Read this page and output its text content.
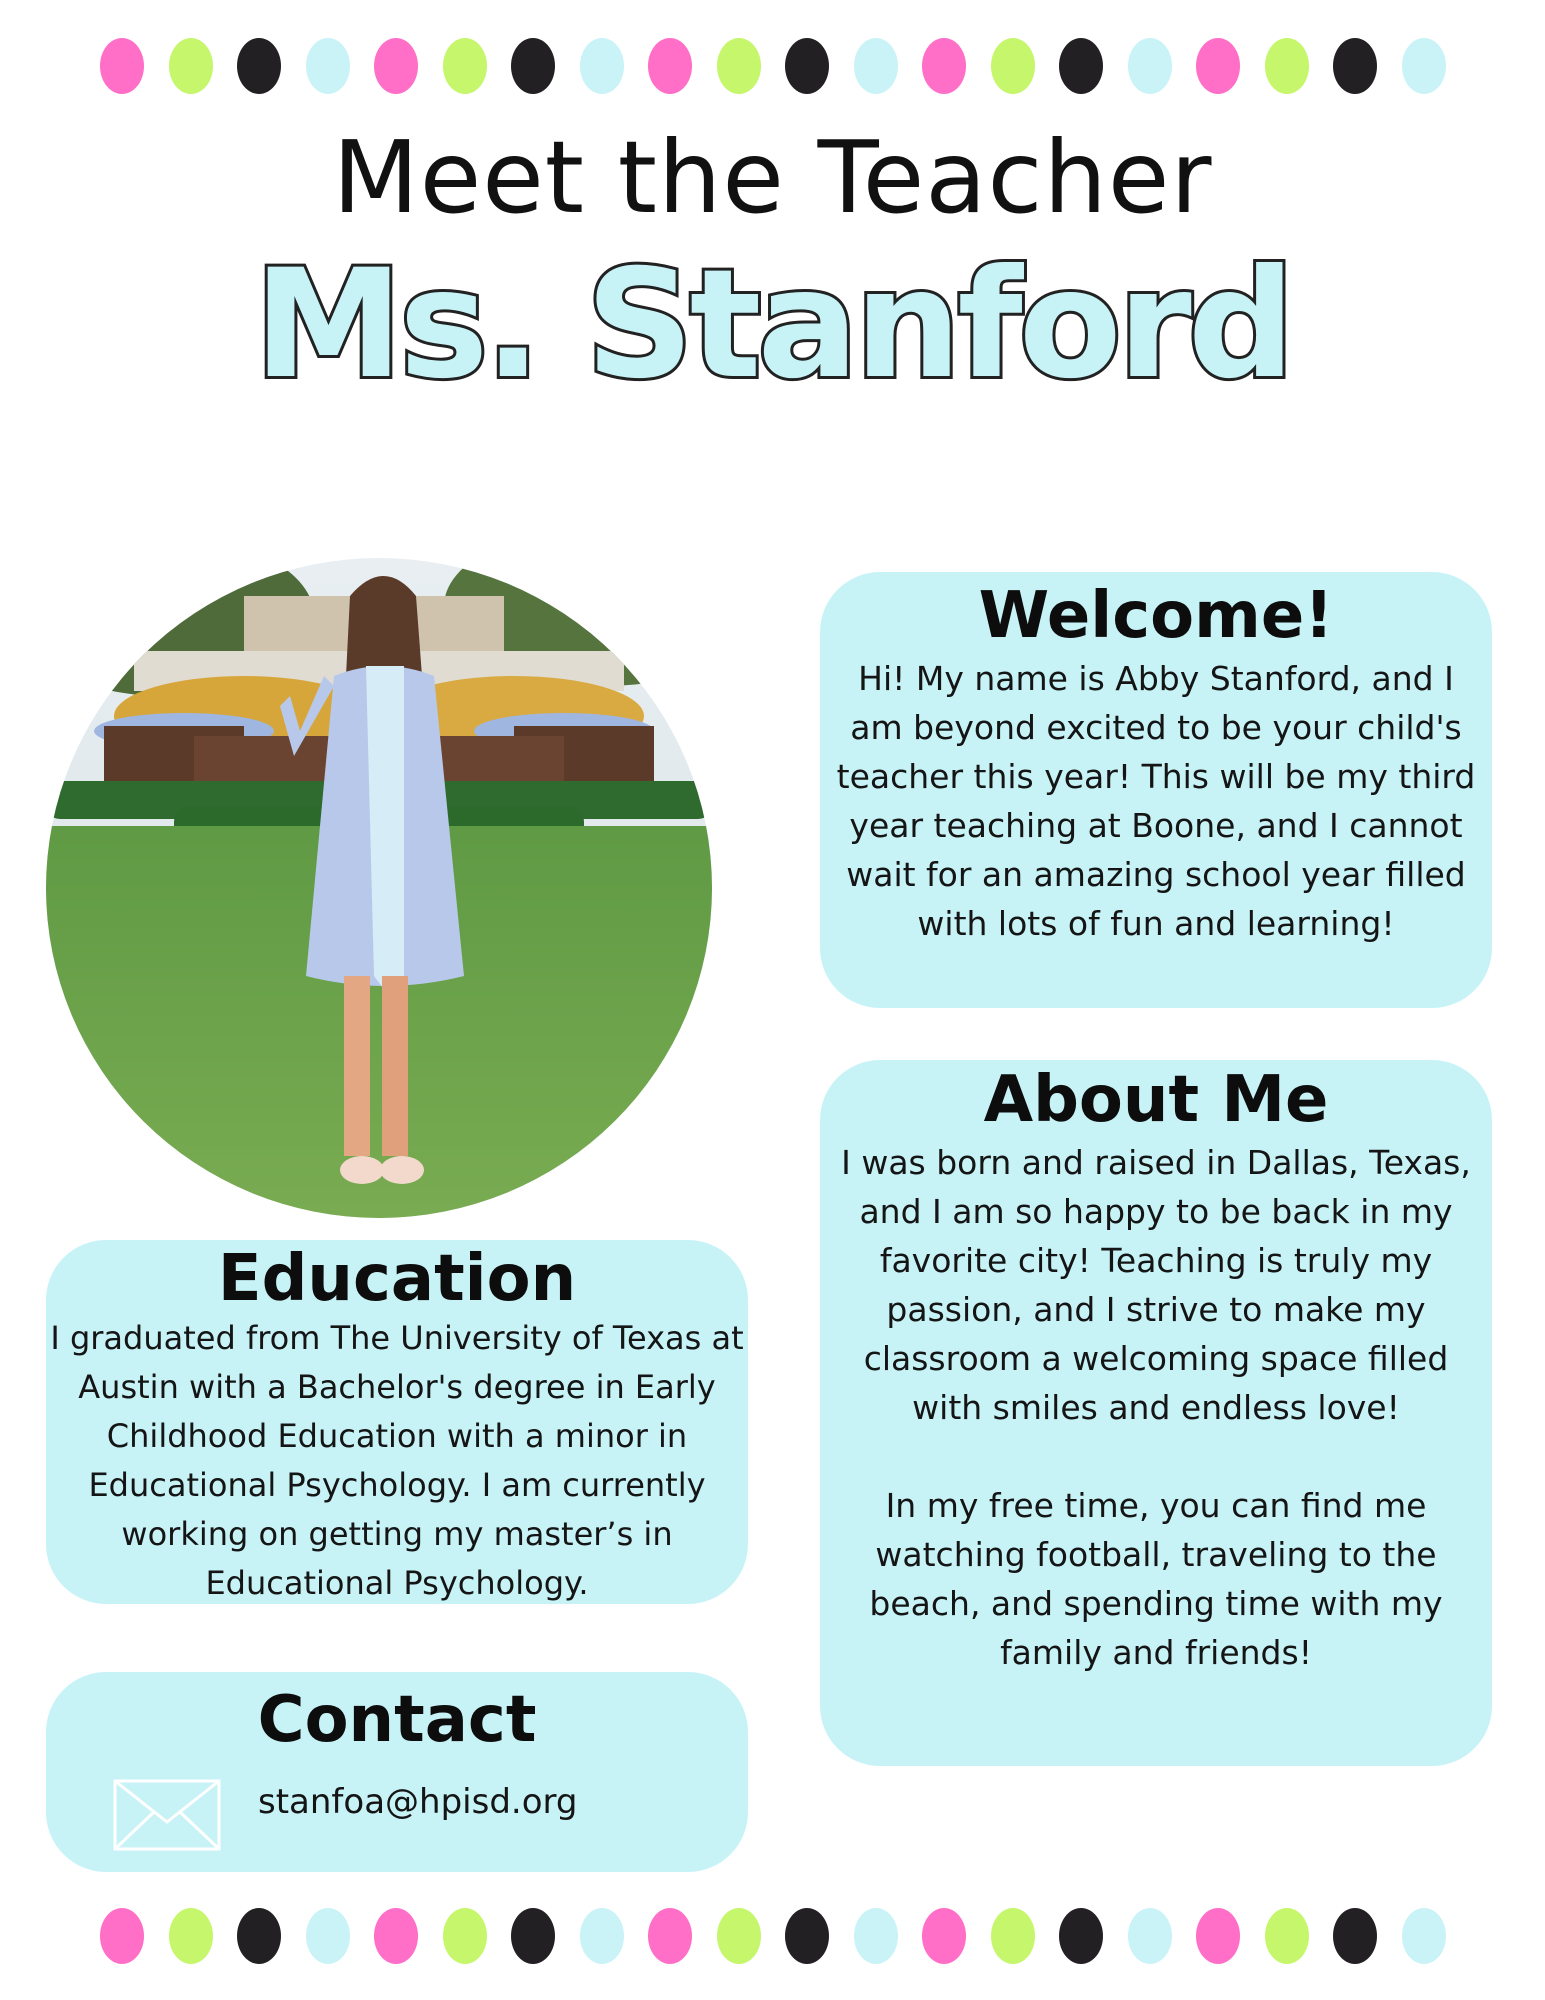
Meet the Teacher
Ms. Stanford
Welcome!

Hi! My name is Abby Stanford, and I am beyond excited to be your child's teacher this year! This will be my third year teaching at Boone, and I cannot wait for an amazing school year filled with lots of fun and learning!

About Me

I was born and raised in Dallas, Texas, and I am so happy to be back in my favorite city! Teaching is truly my passion, and I strive to make my classroom a welcoming space filled with smiles and endless love!

In my free time, you can find me watching football, traveling to the beach, and spending time with my family and friends!

Education

I graduated from The University of Texas at Austin with a Bachelor's degree in Early Childhood Education with a minor in Educational Psychology. I am currently working on getting my master’s in Educational Psychology.

Contact
stanfoa@hpisd.org
